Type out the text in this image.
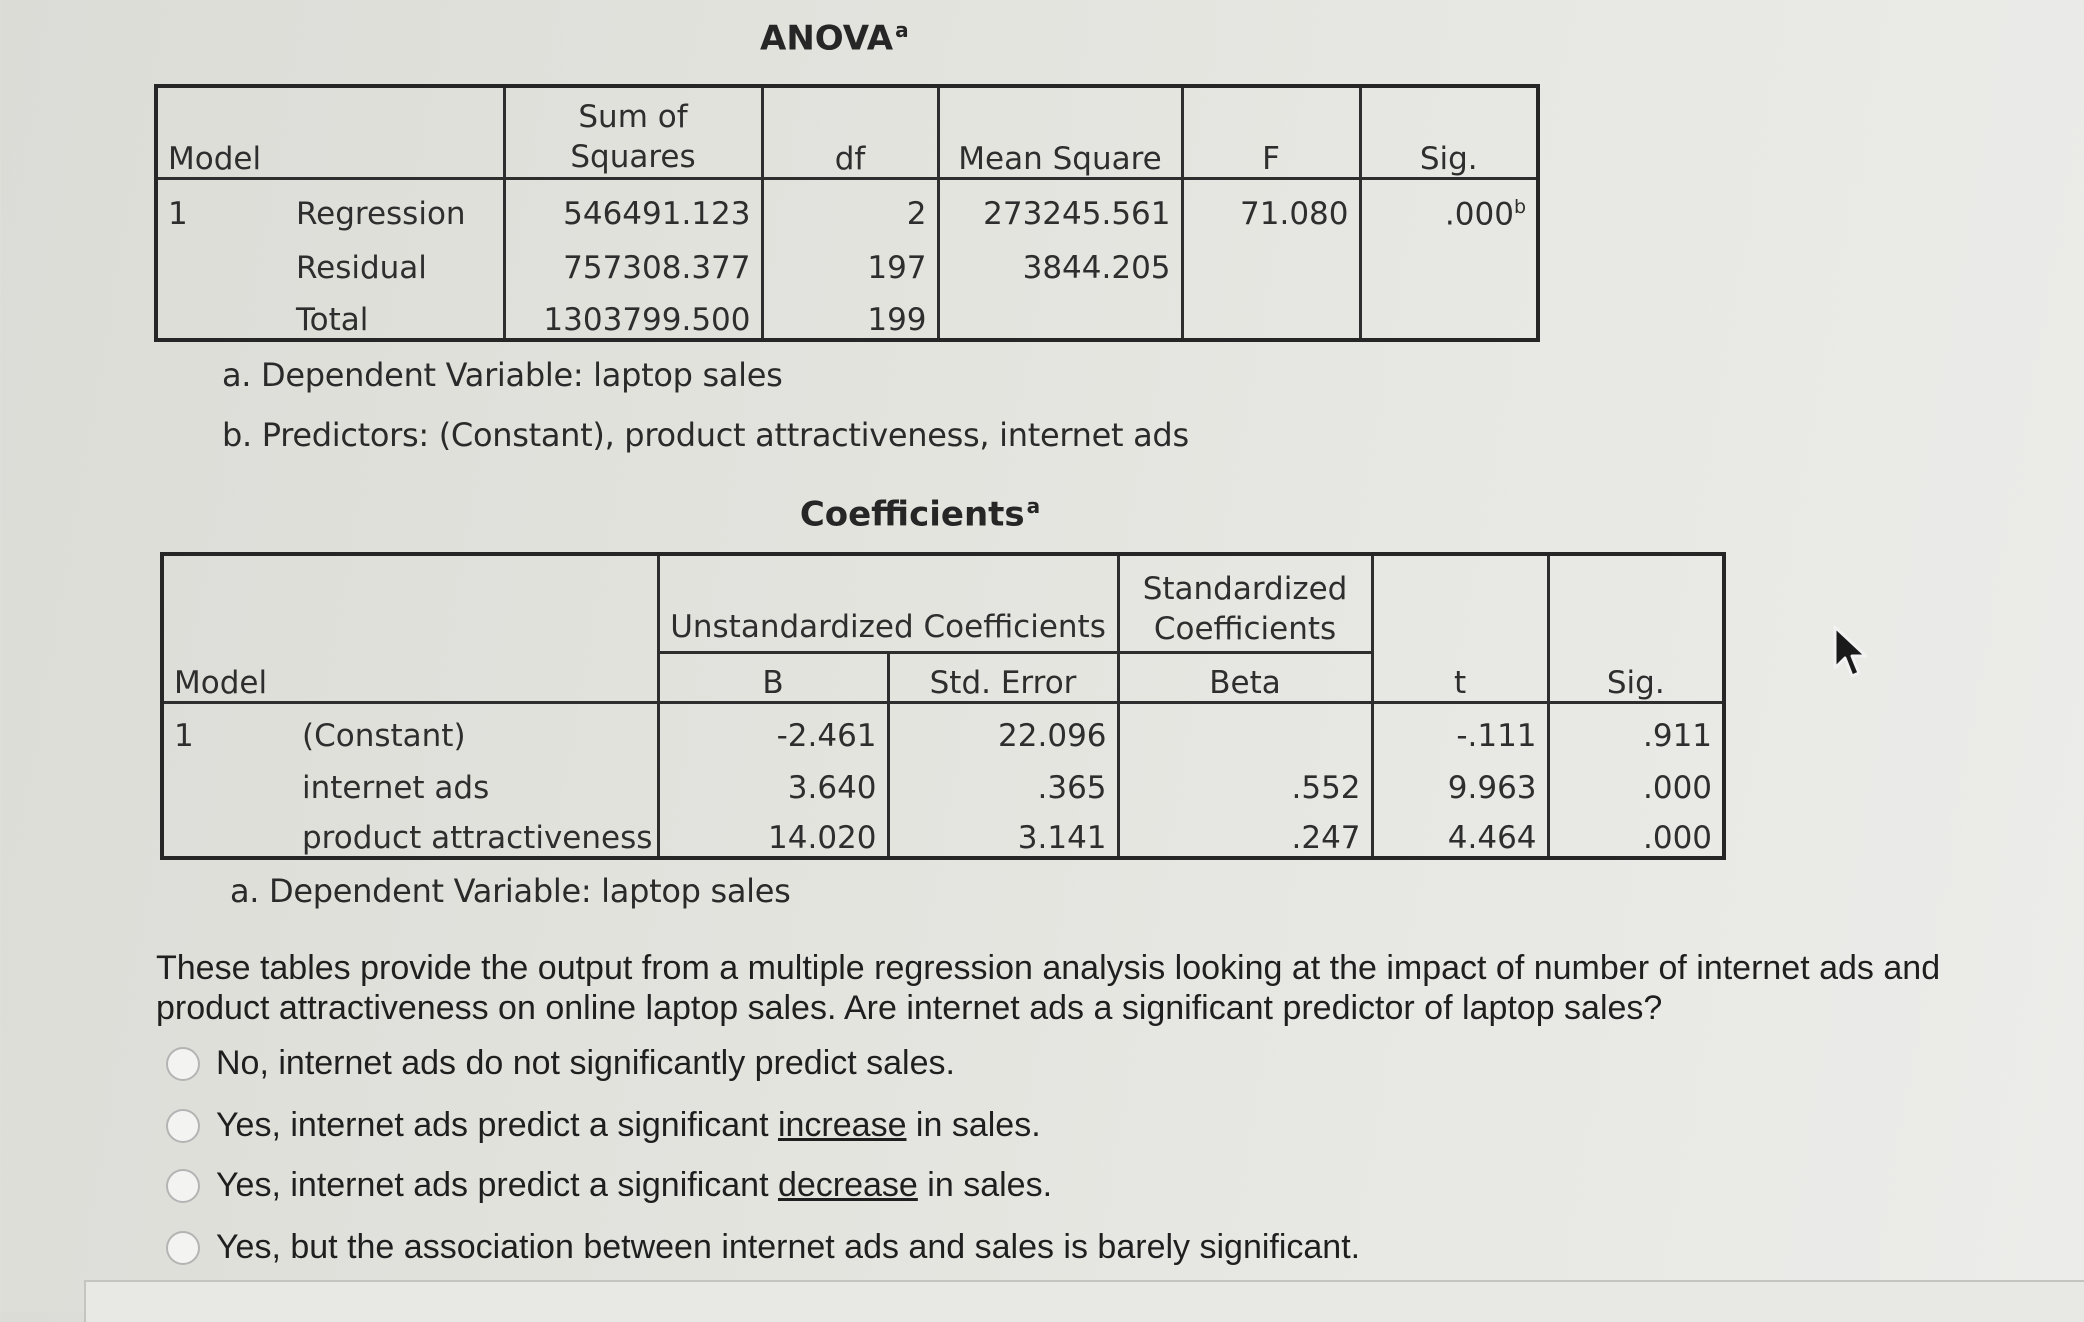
ANOVA $^a$
Model		Sum of
Squares	df	Mean Square	F	Sig.
1	Regression	546491.123	2	273245.561	71.080	.000$^b$
	Residual	757308.377	197	3844.205		
	Total	1303799.500	199			
a. Dependent Variable: laptop sales
b. Predictors: (Constant), product attractiveness, internet ads
Coefficients $^a$
Model		Unstandardized Coefficients		Standardized
Coefficients	t	Sig.
		B	Std. Error	Beta		
1	(Constant)	-2.461	22.096		-.111	.911
	internet ads	3.640	.365	.552	9.963	.000
	product attractiveness	14.020	3.141	.247	4.464	.000
a. Dependent Variable: laptop sales
These tables provide the output from a multiple regression analysis looking at the impact of number of internet ads and product attractiveness on online laptop sales. Are internet ads a significant predictor of laptop sales?
No, internet ads do not significantly predict sales.
Yes, internet ads predict a significant increase in sales.
Yes, internet ads predict a significant decrease in sales.
Yes, but the association between internet ads and sales is barely significant.
